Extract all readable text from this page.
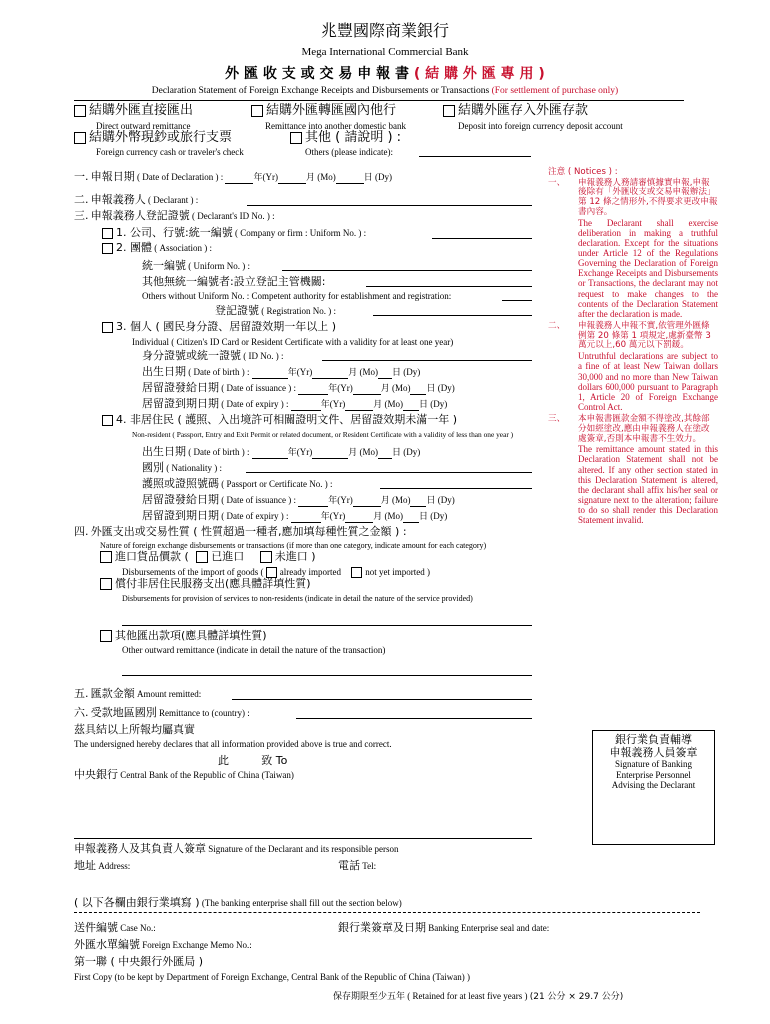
兆豐國際商業銀行
Mega International Commercial Bank
外 匯 收 支 或 交 易 申 報 書 ( 結 購 外 匯 專 用 )
Declaration Statement of Foreign Exchange Receipts and Disbursements or Transactions (For settlement of purchase only)
結購外匯直接匯出
Direct outward remittance
結購外匯轉匯國內他行
Remittance into another domestic bank
結購外匯存入外匯存款
Deposit into foreign currency deposit account
結購外幣現鈔或旅行支票
Foreign currency cash or traveler's check
其他 ( 請說明 ) :
Others (please indicate):
一. 申報日期 ( Date of Declaration ) :	年(Yr)	月 (Mo)	日 (Dy)
二. 申報義務人 ( Declarant ) :
三. 申報義務人登記證號 ( Declarant's ID No. ) :
1. 公司、行號:統一編號 ( Company or firm : Uniform No. ) :
2. 團體 ( Association ) :
統一編號 ( Uniform No. ) :
其他無統一編號者:設立登記主管機關:
Others without Uniform No. : Competent authority for establishment and registration:
登記證號 ( Registration No. ) :
3. 個人 ( 國民身分證、居留證效期一年以上 )
Individual ( Citizen's ID Card or Resident Certificate with a validity for at least one year)
身分證號或統一證號 ( ID No. ) :
出生日期 ( Date of birth ) :	年(Yr)	月 (Mo) 日 (Dy)
居留證發給日期 ( Date of issuance ) :	年(Yr)	月 (Mo) 日 (Dy)
居留證到期日期 ( Date of expiry ) :	年(Yr)	月 (Mo) 日 (Dy)
4. 非居住民 ( 護照、入出境許可相關證明文件、居留證效期未滿一年 )
Non-resident ( Passport, Entry and Exit Permit or related document, or Resident Certificate with a validity of less than one year )
出生日期 ( Date of birth ) :	年(Yr)	月 (Mo) 日 (Dy)
國別 ( Nationality ) :
護照或證照號碼 ( Passport or Certificate No. ) :
居留證發給日期 ( Date of issuance ) :	年(Yr)	月 (Mo) 日 (Dy)
居留證到期日期 ( Date of expiry ) :	年(Yr)	月 (Mo) 日 (Dy)
四. 外匯支出或交易性質 ( 性質超過一種者,應加填每種性質之金額 ) :
Nature of foreign exchange disbursements or transactions (if more than one category, indicate amount for each category)
進口貨品價款 ( 已進口	未進口 )
Disbursements of the import of goods ( already imported	not yet imported )
償付非居住民服務支出(應具體詳填性質)
Disbursements for provision of services to non-residents (indicate in detail the nature of the service provided)
其他匯出款項(應具體詳填性質)
Other outward remittance (indicate in detail the nature of the transaction)
五. 匯款金額 Amount remitted:
六. 受款地區國別 Remittance to (country) :
茲具結以上所報均屬真實
The undersigned hereby declares that all information provided above is true and correct.
此	致 To
中央銀行 Central Bank of the Republic of China (Taiwan)
銀行業負責輔導
申報義務人員簽章
Signature of Banking
Enterprise Personnel
Advising the Declarant
申報義務人及其負責人簽章 Signature of the Declarant and its responsible person
地址 Address:	電話 Tel:
( 以下各欄由銀行業填寫 ) (The banking enterprise shall fill out the section below)
送件編號 Case No.:	銀行業簽章及日期 Banking Enterprise seal and date:
外匯水單編號 Foreign Exchange Memo No.:
第一聯 ( 中央銀行外匯局 )
First Copy (to be kept by Department of Foreign Exchange, Central Bank of the Republic of China (Taiwan) )
保存期限至少五年 ( Retained for at least five years ) (21 公分 × 29.7 公分)
注意 ( Notices ) :
一、 申報義務人務請審慎據實申報,申報後除有「外匯收支或交易申報辦法」第 12 條之情形外,不得要求更改申報書內容。
The Declarant shall exercise deliberation in making a truthful declaration. Except for the situations under Article 12 of the Regulations Governing the Declaration of Foreign Exchange Receipts and Disbursements or Transactions, the declarant may not request to make changes to the contents of the Declaration Statement after the declaration is made.
二、 申報義務人申報不實,依管理外匯條例第 20 條第 1 項規定,處新臺幣 3 萬元以上,60 萬元以下罰鍰。
Untruthful declarations are subject to a fine of at least New Taiwan dollars 30,000 and no more than New Taiwan dollars 600,000 pursuant to Paragraph 1, Article 20 of Foreign Exchange Control Act.
三、 本申報書匯款金額不得塗改,其餘部分如經塗改,應由申報義務人在塗改處簽章,否則本申報書不生效力。
The remittance amount stated in this Declaration Statement shall not be altered. If any other section stated in this Declaration Statement is altered, the declarant shall affix his/her seal or signature next to the alteration; failure to do so shall render this Declaration Statement invalid.
